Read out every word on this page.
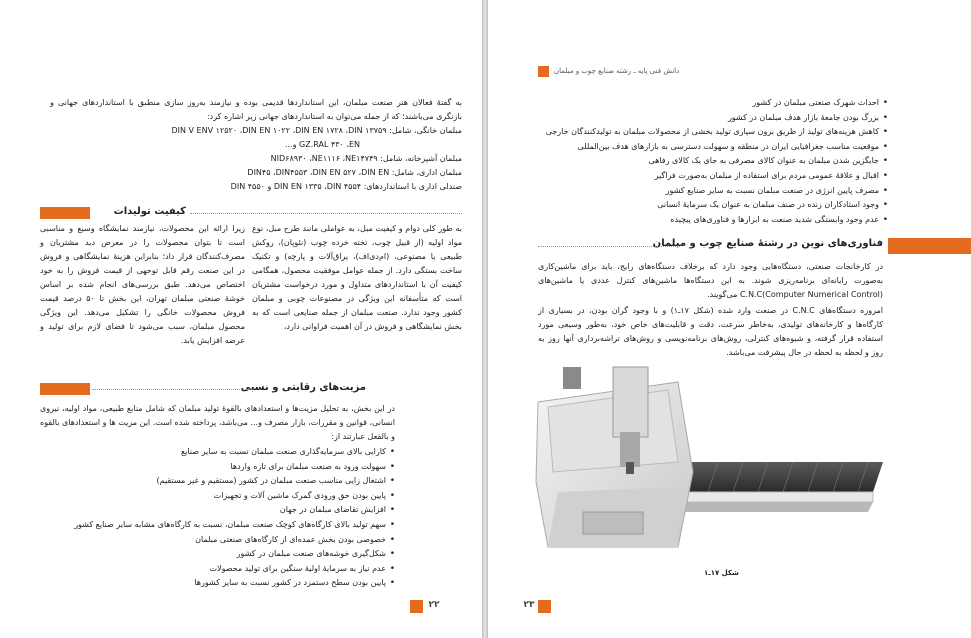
به گفتهٔ فعالان هنر صنعت مبلمان، این استانداردها قدیمی بوده و نیازمند به‌روز سازی منطبق با استانداردهای جهانی و بازنگری می‌باشند؛ که از جمله می‌توان به استانداردهای جهانی زیر اشاره کرد:
مبلمان خانگی، شامل: DIN V ENV ۱۲۵۲۰ ،DIN EN ۱۰۲۲ ،DIN EN ۱۷۲۸ ،DIN ۱۳۷۵۹
GZ.RAL ۴۳۰ ،EN و...
مبلمان آشپزخانه، شامل: NID۶۸۹۳۰ ،NE۱۱۱۶ ،NE۱۴۷۴۹
مبلمان اداری، شامل: DIN۴۵ ،DIN۴۵۵۳ ،DIN EN ۵۲۷ ،DIN EN
صندلی اداری با استانداردهای: DIN EN ۱۳۳۵ ،DIN ۴۵۵۴ و DIN ۴۵۵۰
کیفیت تولیدات
به طور کلی دوام و کیفیت مبل، به عواملی مانند طرح مبل، نوع مواد اولیه (از قبیل چوب، تخته خرده چوب (نئوپان)، روکش طبیعی یا مصنوعی، (ام‌دی‌اف)، یراق‌آلات و پارچه) و تکنیک ساخت بستگی دارد. از جمله عوامل موفقیت محصول، همگامی کیفیت آن با استانداردهای متداول و مورد درخواست مشتریان است که متأسفانه این ویژگی در مصنوعات چوبی و مبلمان کشور وجود ندارد. صنعت مبلمان از جمله صنایعی است که به بخش نمایشگاهی و فروش در آن اهمیت فراوانی دارد،
زیرا ارائه این محصولات، نیازمند نمایشگاه وسیع و مناسبی است تا بتوان محصولات را در معرض دید مشتریان و مصرف‌کنندگان قرار داد؛ بنابراین هزینهٔ نمایشگاهی و فروش در این صنعت رقم قابل توجهی از قیمت فروش را به خود اختصاص می‌دهد. طبق بررسی‌های انجام شده بر اساس خوشهٔ صنعتی مبلمان تهران، این بخش تا ۵۰ درصد قیمت فروش محصولات خانگی را تشکیل می‌دهد. این ویژگی محصول مبلمان، سبب می‌شود تا فضای لازم برای تولید و عرضه افزایش یابد.
مزیت‌های رقابتی و نسبی
در این بخش، به تحلیل مزیت‌ها و استعدادهای بالقوهٔ تولید مبلمان که شامل منابع طبیعی، مواد اولیه، نیروی انسانی، قوانین و مقررات، بازار مصرف و... می‌باشد، پرداخته شده است. این مزیت ها و استعدادهای بالقوه و بالفعل عبارتند از:
• کارایی بالای سرمایه‌گذاری صنعت مبلمان نسبت به سایر صنایع
• سهولت ورود به صنعت مبلمان برای تازه واردها
• اشتغال زایی مناسب صنعت مبلمان در کشور (مستقیم و غیر مستقیم)
• پایین بودن حق ورودی گمرک ماشین آلات و تجهیزات
• افزایش تقاضای مبلمان در جهان
• سهم تولید بالای کارگاه‌های کوچک صنعت مبلمان، نسبت به کارگاه‌های مشابه سایر صنایع کشور
• خصوصی بودن بخش عمده‌ای از کارگاه‌های صنعتی مبلمان
• شکل‌گیری خوشه‌های صنعت مبلمان در کشور
• عدم نیاز به سرمایهٔ اولیهٔ سنگین برای تولید محصولات
• پایین بودن سطح دستمزد در کشور نسبت به سایر کشورها
۲۲
دانش فنی پایه ـ رشته صنایع چوب و مبلمان
• احداث شهرک صنعتی مبلمان در کشور
• بزرگ بودن جامعهٔ بازار هدف مبلمان در کشور
• کاهش هزینه‌های تولید از طریق برون سپاری تولید بخشی از محصولات مبلمان به تولیدکنندگان خارجی
• موقعیت مناسب جغرافیایی ایران در منطقه و سهولت دسترسی به بازارهای هدف بین‌المللی
• جایگزین شدن مبلمان به عنوان کالای مصرفی به جای یک کالای رفاهی
• اقبال و علاقهٔ عمومی مردم برای استفاده از مبلمان به‌صورت فراگیر
• مصرف پایین انرژی در صنعت مبلمان نسبت به سایر صنایع کشور
• وجود استادکاران زنده در صنف مبلمان به عنوان یک سرمایهٔ انسانی
• عدم وجود وابستگی شدید صنعت به ابزارها و فناوری‌های پیچیده
فناوری‌های نوین در رشتهٔ صنایع چوب و مبلمان
در کارخانجات صنعتی، دستگاه‌هایی وجود دارد که برخلاف دستگاه‌های رایج، باید برای ماشین‌کاری به‌صورت رایانه‌ای برنامه‌ریزی شوند. به این دستگاه‌ها ماشین‌های کنترل عددی یا ماشین‌های C.N.C(Computer Numerical Control) می‌گویند.
امروزه دستگاه‌های C.N.C در صنعت وارد شده (شکل ۱۷ـ۱) و با وجود گران بودن، در بسیاری از کارگاه‌ها و کارخانه‌های تولیدی، به‌خاطر سرعت، دقت و قابلیت‌های خاص خود، به‌طور وسیعی مورد استفاده قرار گرفته، و شیوه‌های کنترلی، روش‌های برنامه‌نویسی و روش‌های تراشه‌برداری آنها روز به روز و لحظه به لحظه در حال پیشرفت می‌باشد.
شکل ۱۷ـ۱
۲۳
